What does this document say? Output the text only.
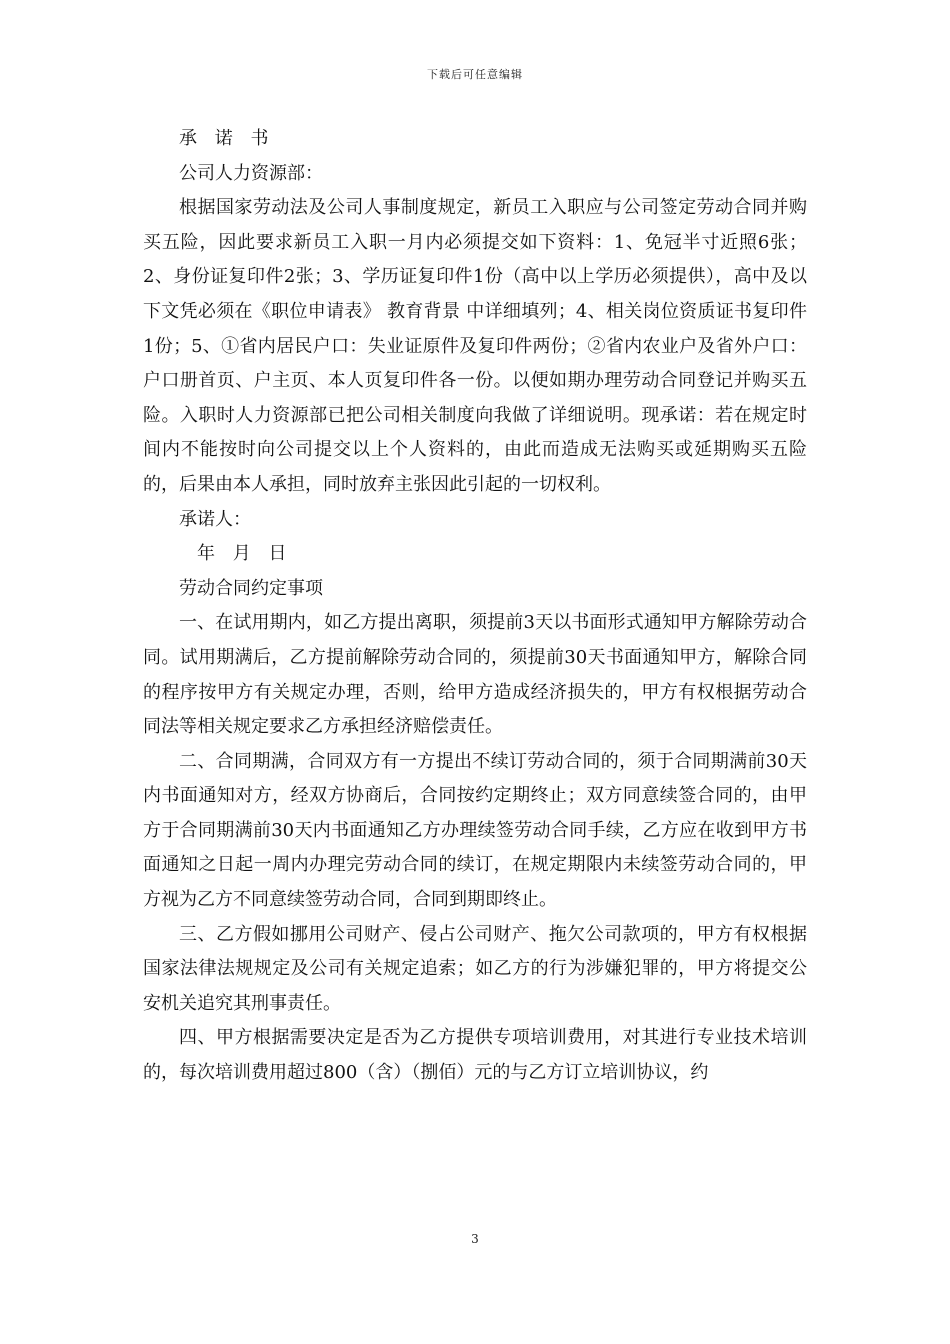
下载后可任意编辑

承 诺 书

公司人力资源部：

根据国家劳动法及公司人事制度规定，新员工入职应与公司签定劳动合同并购买五险，因此要求新员工入职一月内必须提交如下资料：1、免冠半寸近照6张；2、身份证复印件2张；3、学历证复印件1份（高中以上学历必须提供），高中及以下文凭必须在《职位申请表》 教育背景 中详细填列；4、相关岗位资质证书复印件1份；5、①省内居民户口：失业证原件及复印件两份；②省内农业户及省外户口：户口册首页、户主页、本人页复印件各一份。以便如期办理劳动合同登记并购买五险。入职时人力资源部已把公司相关制度向我做了详细说明。现承诺：若在规定时间内不能按时向公司提交以上个人资料的，由此而造成无法购买或延期购买五险的，后果由本人承担，同时放弃主张因此引起的一切权利。

承诺人：

年 月 日

劳动合同约定事项

一、在试用期内，如乙方提出离职，须提前3天以书面形式通知甲方解除劳动合同。试用期满后，乙方提前解除劳动合同的，须提前30天书面通知甲方，解除合同的程序按甲方有关规定办理，否则，给甲方造成经济损失的，甲方有权根据劳动合同法等相关规定要求乙方承担经济赔偿责任。

二、合同期满，合同双方有一方提出不续订劳动合同的，须于合同期满前30天内书面通知对方，经双方协商后，合同按约定期终止；双方同意续签合同的，由甲方于合同期满前30天内书面通知乙方办理续签劳动合同手续，乙方应在收到甲方书面通知之日起一周内办理完劳动合同的续订，在规定期限内未续签劳动合同的，甲方视为乙方不同意续签劳动合同，合同到期即终止。

三、乙方假如挪用公司财产、侵占公司财产、拖欠公司款项的，甲方有权根据国家法律法规规定及公司有关规定追索；如乙方的行为涉嫌犯罪的，甲方将提交公安机关追究其刑事责任。

四、甲方根据需要决定是否为乙方提供专项培训费用，对其进行专业技术培训的，每次培训费用超过800（含）（捌佰）元的与乙方订立培训协议，约

3
